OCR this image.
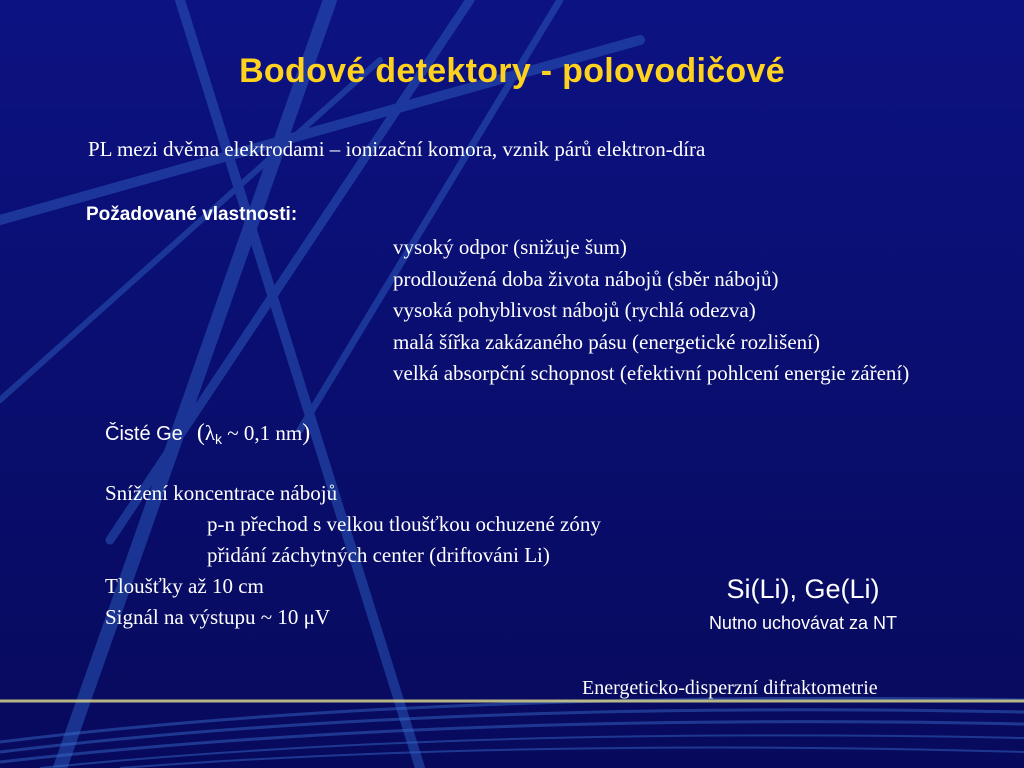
Bodové detektory - polovodičové
PL mezi dvěma elektrodami – ionizační komora, vznik párů elektron-díra
Požadované vlastnosti:
vysoký odpor (snižuje šum)
prodloužená doba života nábojů (sběr nábojů)
vysoká pohyblivost nábojů (rychlá odezva)
malá šířka zakázaného pásu (energetické rozlišení)
velká absorpční schopnost (efektivní pohlcení energie záření)
Čisté Ge (λk ~ 0,1 nm)
Snížení koncentrace nábojů
p-n přechod s velkou tloušťkou ochuzené zóny
přidání záchytných center (driftováni Li)
Tloušťky až 10 cm
Signál na výstupu ~ 10 μV
Si(Li), Ge(Li)
Nutno uchovávat za NT
Energeticko-disperzní difraktometrie
